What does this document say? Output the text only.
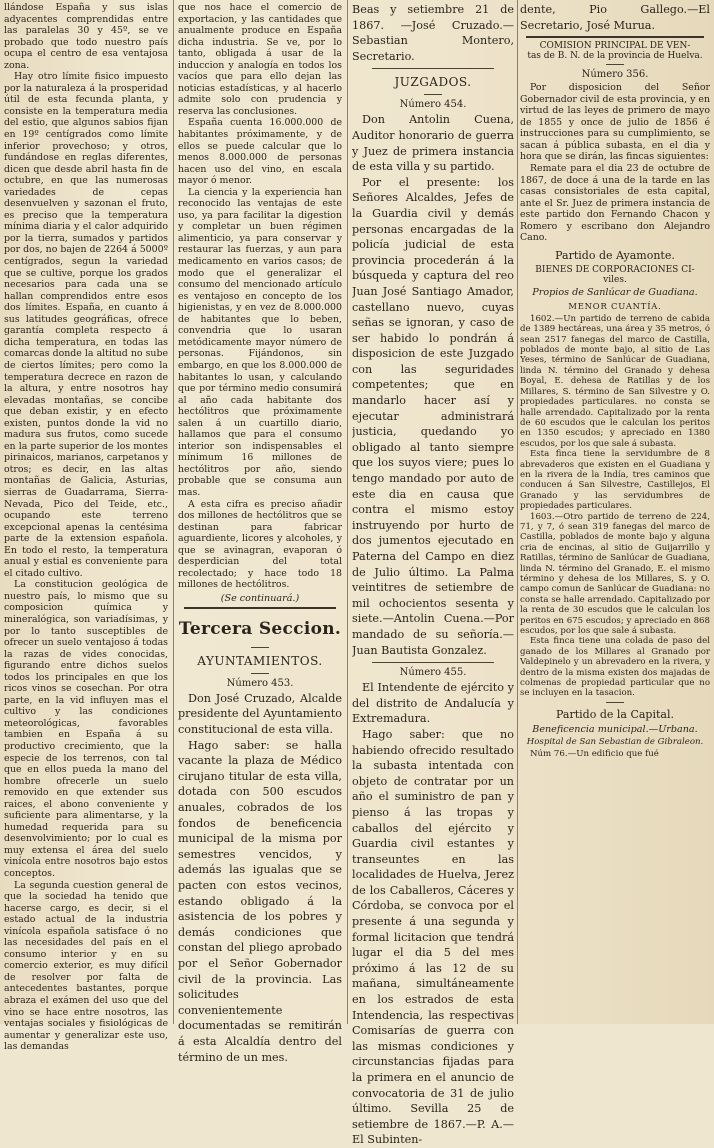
llándose España y sus islas adyacentes comprendidas entre las paralelas 30 y 45º, se ve probado que todo nuestro país ocupa el centro de esa ventajosa zona.

Hay otro límite fisico impuesto por la naturaleza á la prosperidad útil de esta fecunda planta, y consiste en la temperatura media del estio, que algunos sabios fijan en 19º centígrados como límite inferior provechoso; y otros, fundándose en reglas diferentes, dicen que desde abril hasta fin de octubre, en que las numerosas variedades de cepas desenvuelven y sazonan el fruto, es preciso que la temperatura mínima diaria y el calor adquirido por la tierra, sumados y partidos por dos, no bajen de 2264 á 5000º centígrados, segun la variedad que se cultive, porque los grados necesarios para cada una se hallan comprendidos entre esos dos límites. España, en cuanto á sus latitudes geográficas, ofrece garantía completa respecto á dicha temperatura, en todas las comarcas donde la altitud no sube de ciertos límites; pero como la temperatura decrece en razon de la altura, y entre nosotros hay elevadas montañas, se concibe que deban existir, y en efecto existen, puntos donde la vid no madura sus frutos, como sucede en la parte superior de los montes pirinaicos, marianos, carpetanos y otros; es decir, en las altas montañas de Galicia, Asturias, sierras de Guadarrama, Sierra-Nevada, Pico del Teide, etc., ocupando este terreno excepcional apenas la centésima parte de la extension española. En todo el resto, la temperatura anual y estial es conveniente para el citado cultivo.

La constitucion geológica de nuestro país, lo mismo que su composicion química y mineralógica, son variadísimas, y por lo tanto susceptibles de ofrecer un suelo ventajoso á todas la razas de vides conocidas, figurando entre dichos suelos todos los principales en que los ricos vinos se cosechan. Por otra parte, en la vid influyen mas el cultivo y las condiciones meteorológicas, favorables tambien en España á su productivo crecimiento, que la especie de los terrenos, con tal que en ellos pueda la mano del hombre ofrecerle un suelo removido en que extender sus raices, el abono conveniente y suficiente para alimentarse, y la humedad requerida para su desenvolvimiento; por lo cual es muy extensa el área del suelo vinícola entre nosotros bajo estos conceptos.

La segunda cuestion general de que la sociedad ha tenido que hacerse cargo, es decir, si el estado actual de la industria vinícola española satisface ó no las necesidades del país en el consumo interior y en su comercio exterior, es muy difícil de resolver por falta de antecedentes bastantes, porque abraza el exámen del uso que del vino se hace entre nosotros, las ventajas sociales y fisiológicas de aumentar y generalizar este uso, las demandas

que nos hace el comercio de exportacion, y las cantidades que anualmente produce en España dicha industria. Se ve, por lo tanto, obligada á usar de la induccion y analogía en todos los vacíos que para ello dejan las noticias estadísticas, y al hacerlo admite solo con prudencia y reserva las conclusiones.

España cuenta 16.000.000 de habitantes próximamente, y de ellos se puede calcular que lo menos 8.000.000 de personas hacen uso del vino, en escala mayor ó menor.

La ciencia y la experiencia han reconocido las ventajas de este uso, ya para facilitar la digestion y completar un buen régimen alimenticio, ya para conservar y restaurar las fuerzas, y aun para medicamento en varios casos; de modo que el generalizar el consumo del mencionado artículo es ventajoso en concepto de los higienistas, y en vez de 8.000.000 de habitantes que lo beben, convendria que lo usaran metódicamente mayor número de personas. Fijándonos, sin embargo, en que los 8.000.000 de habitantes lo usan, y calculando que por término medio consumirá al año cada habitante dos hectólitros que próximamente salen á un cuartillo diario, hallamos que para el consumo interior son indispensables el mínimum 16 millones de hectólitros por año, siendo probable que se consuma aun mas.

A esta cifra es preciso añadir dos millones de hectólitros que se destinan para fabricar aguardiente, licores y alcoholes, y que se avinagran, evaporan ó desperdician del total recolectado; y hace todo 18 millones de hectólitros.

(Se continuará.)
Tercera Seccion.
AYUNTAMIENTOS.
Número 453.

Don José Cruzado, Alcalde presidente del Ayuntamiento constitucional de esta villa.

Hago saber: se halla vacante la plaza de Médico cirujano titular de esta villa, dotada con 500 escudos anuales, cobrados de los fondos de beneficencia municipal de la misma por semestres vencidos, y además las igualas que se pacten con estos vecinos, estando obligado á la asistencia de los pobres y demás condiciones que constan del pliego aprobado por el Señor Gobernador civil de la provincia. Las solicitudes convenientemente documentadas se remitirán á esta Alcaldía dentro del término de un mes.

Beas y setiembre 21 de 1867. —José Cruzado.—Sebastian Montero, Secretario.

JUZGADOS.
Número 454.

Don Antolin Cuena, Auditor honorario de guerra y Juez de primera instancia de esta villa y su partido.

Por el presente: los Señores Alcaldes, Jefes de la Guardia civil y demás personas encargadas de la policía judicial de esta provincia procederán á la búsqueda y captura del reo Juan José Santiago Amador, castellano nuevo, cuyas señas se ignoran, y caso de ser habido lo pondrán á disposicion de este Juzgado con las seguridades competentes; que en mandarlo hacer así y ejecutar administrará justicia, quedando yo obligado al tanto siempre que los suyos viere; pues lo tengo mandado por auto de este dia en causa que contra el mismo estoy instruyendo por hurto de dos jumentos ejecutado en Paterna del Campo en diez de Julio último. La Palma veintitres de setiembre de mil ochocientos sesenta y siete.—Antolin Cuena.—Por mandado de su señoría.—Juan Bautista Gonzalez.

Número 455.

El Intendente de ejército y del distrito de Andalucía y Extremadura.

Hago saber: que no habiendo ofrecido resultado la subasta intentada con objeto de contratar por un año el suministro de pan y pienso á las tropas y caballos del ejército y Guardia civil estantes y transeuntes en las localidades de Huelva, Jerez de los Caballeros, Cáceres y Córdoba, se convoca por el presente á una segunda y formal licitacion que tendrá lugar el dia 5 del mes próximo á las 12 de su mañana, simultáneamente en los estrados de esta Intendencia, las respectivas Comisarías de guerra con las mismas condiciones y circunstancias fijadas para la primera en el anuncio de convocatoria de 31 de julio último. Sevilla 25 de setiembre de 1867.—P. A.—El Subinten-

dente, Pio Gallego.—El Secretario, José Murua.

COMISION PRINCIPAL DE VEN-
tas de B. N. de la provincia de Huelva.
Número 356.

Por disposicion del Señor Gobernador civil de esta provincia, y en virtud de las leyes de primero de mayo de 1855 y once de julio de 1856 é instrucciones para su cumplimiento, se sacan á pública subasta, en el dia y hora que se dirán, las fincas siguientes:

Remate para el dia 23 de octubre de 1867, de doce á una de la tarde en las casas consistoriales de esta capital, ante el Sr. Juez de primera instancia de este partido don Fernando Chacon y Romero y escribano don Alejandro Cano.

Partido de Ayamonte.
BIENES DE CORPORACIONES CI-
viles.
Propios de Sanlúcar de Guadiana.
MENOR CUANTÍA.

1602.—Un partido de terreno de cabida de 1389 hectáreas, una área y 35 metros, ó sean 2517 fanegas del marco de Castilla, poblados de monte bajo, al sitio de Las Yeses, término de Sanlúcar de Guadiana, linda N. término del Granado y dehesa Boyal, E. dehesa de Ratillas y de los Millares, S. término de San Silvestre y O. propiedades particulares. no consta se halle arrendado. Capitalizado por la renta de 60 escudos que le calculan los peritos en 1350 escudos; y apreciado en 1380 escudos, por los que sale á subasta.

Esta finca tiene la servidumbre de 8 abrevaderos que existen en el Guadiana y en la rivera de la Indía, tres caminos que conducen á San Silvestre, Castillejos, El Granado y las servidumbres de propiedades particulares.

1603.—Otro partido de terreno de 224, 71, y 7, ó sean 319 fanegas del marco de Castilla, poblados de monte bajo y alguna cria de encinas, al sitio de Guijarrillo y Ratillas, término de Sanlúcar de Guadiana, linda N. término del Granado, E. el mismo término y dehesa de los Millares, S. y O. campo comun de Sanlúcar de Guadiana: no consta se halle arrendado. Capitalizado por la renta de 30 escudos que le calculan los peritos en 675 escudos; y apreciado en 868 escudos, por los que sale á subasta.

Esta finca tiene una colada de paso del ganado de los Millares al Granado por Valdepinelo y un abrevadero en la rivera, y dentro de la misma existen dos majadas de colmenas de propiedad particular que no se incluyen en la tasacion.

Partido de la Capital.
Beneficencia municipal.—Urbana.
Hospital de San Sebastian de Gibraleon.

Núm 76.—Un edificio que fué
